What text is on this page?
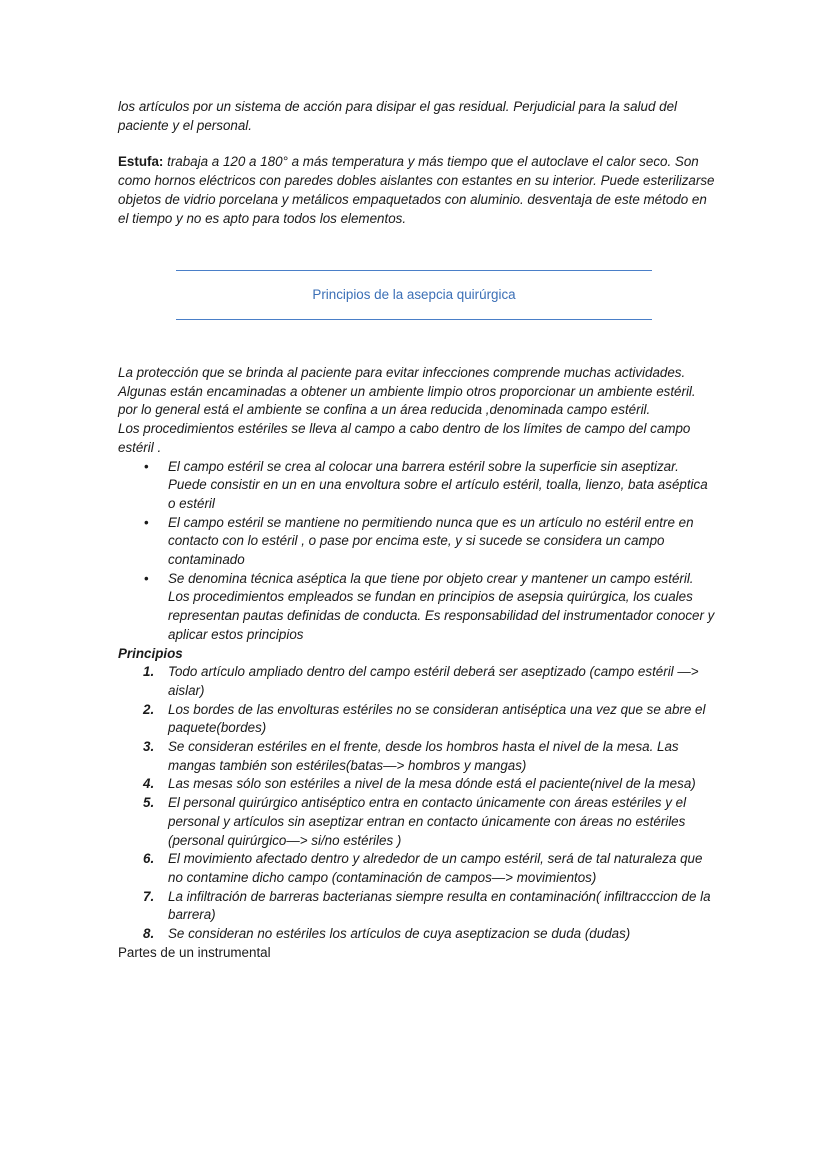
los artículos por un sistema de acción para disipar el gas residual. Perjudicial para la salud del paciente y el personal.

Estufa: trabaja a 120 a 180° a más temperatura y más tiempo que el autoclave el calor seco. Son como hornos eléctricos con paredes dobles aislantes con estantes en su interior. Puede esterilizarse objetos de vidrio porcelana y metálicos empaquetados con aluminio. desventaja de este método en el tiempo y no es apto para todos los elementos.

Principios de la asepcia quirúrgica

La protección que se brinda al paciente para evitar infecciones comprende muchas actividades. Algunas están encaminadas a obtener un ambiente limpio otros proporcionar un ambiente estéril.

por lo general está el ambiente se confina a un área reducida ,denominada campo estéril.

Los procedimientos estériles se lleva al campo a cabo dentro de los límites de campo del campo estéril .

• El campo estéril se crea al colocar una barrera estéril sobre la superficie sin aseptizar. Puede consistir en un en una envoltura sobre el artículo estéril, toalla, lienzo, bata aséptica o estéril
• El campo estéril se mantiene no permitiendo nunca que es un artículo no estéril entre en contacto con lo estéril , o pase por encima este, y si sucede se considera un campo contaminado
• Se denomina técnica aséptica la que tiene por objeto crear y mantener un campo estéril. Los procedimientos empleados se fundan en principios de asepsia quirúrgica, los cuales representan pautas definidas de conducta. Es responsabilidad del instrumentador conocer y aplicar estos principios

Principios

1. Todo artículo ampliado dentro del campo estéril deberá ser aseptizado (campo estéril —> aislar)
2. Los bordes de las envolturas estériles no se consideran antiséptica una vez que se abre el paquete(bordes)
3. Se consideran estériles en el frente, desde los hombros hasta el nivel de la mesa. Las mangas también son estériles(batas—> hombros y mangas)
4. Las mesas sólo son estériles a nivel de la mesa dónde está el paciente(nivel de la mesa)
5. El personal quirúrgico antiséptico entra en contacto únicamente con áreas estériles y el personal y artículos sin aseptizar entran en contacto únicamente con áreas no estériles (personal quirúrgico—> si/no estériles )
6. El movimiento afectado dentro y alrededor de un campo estéril, será de tal naturaleza que no contamine dicho campo (contaminación de campos—> movimientos)
7. La infiltración de barreras bacterianas siempre resulta en contaminación( infiltracccion de la barrera)
8. Se consideran no estériles los artículos de cuya aseptizacion se duda (dudas)

Partes de un instrumental
